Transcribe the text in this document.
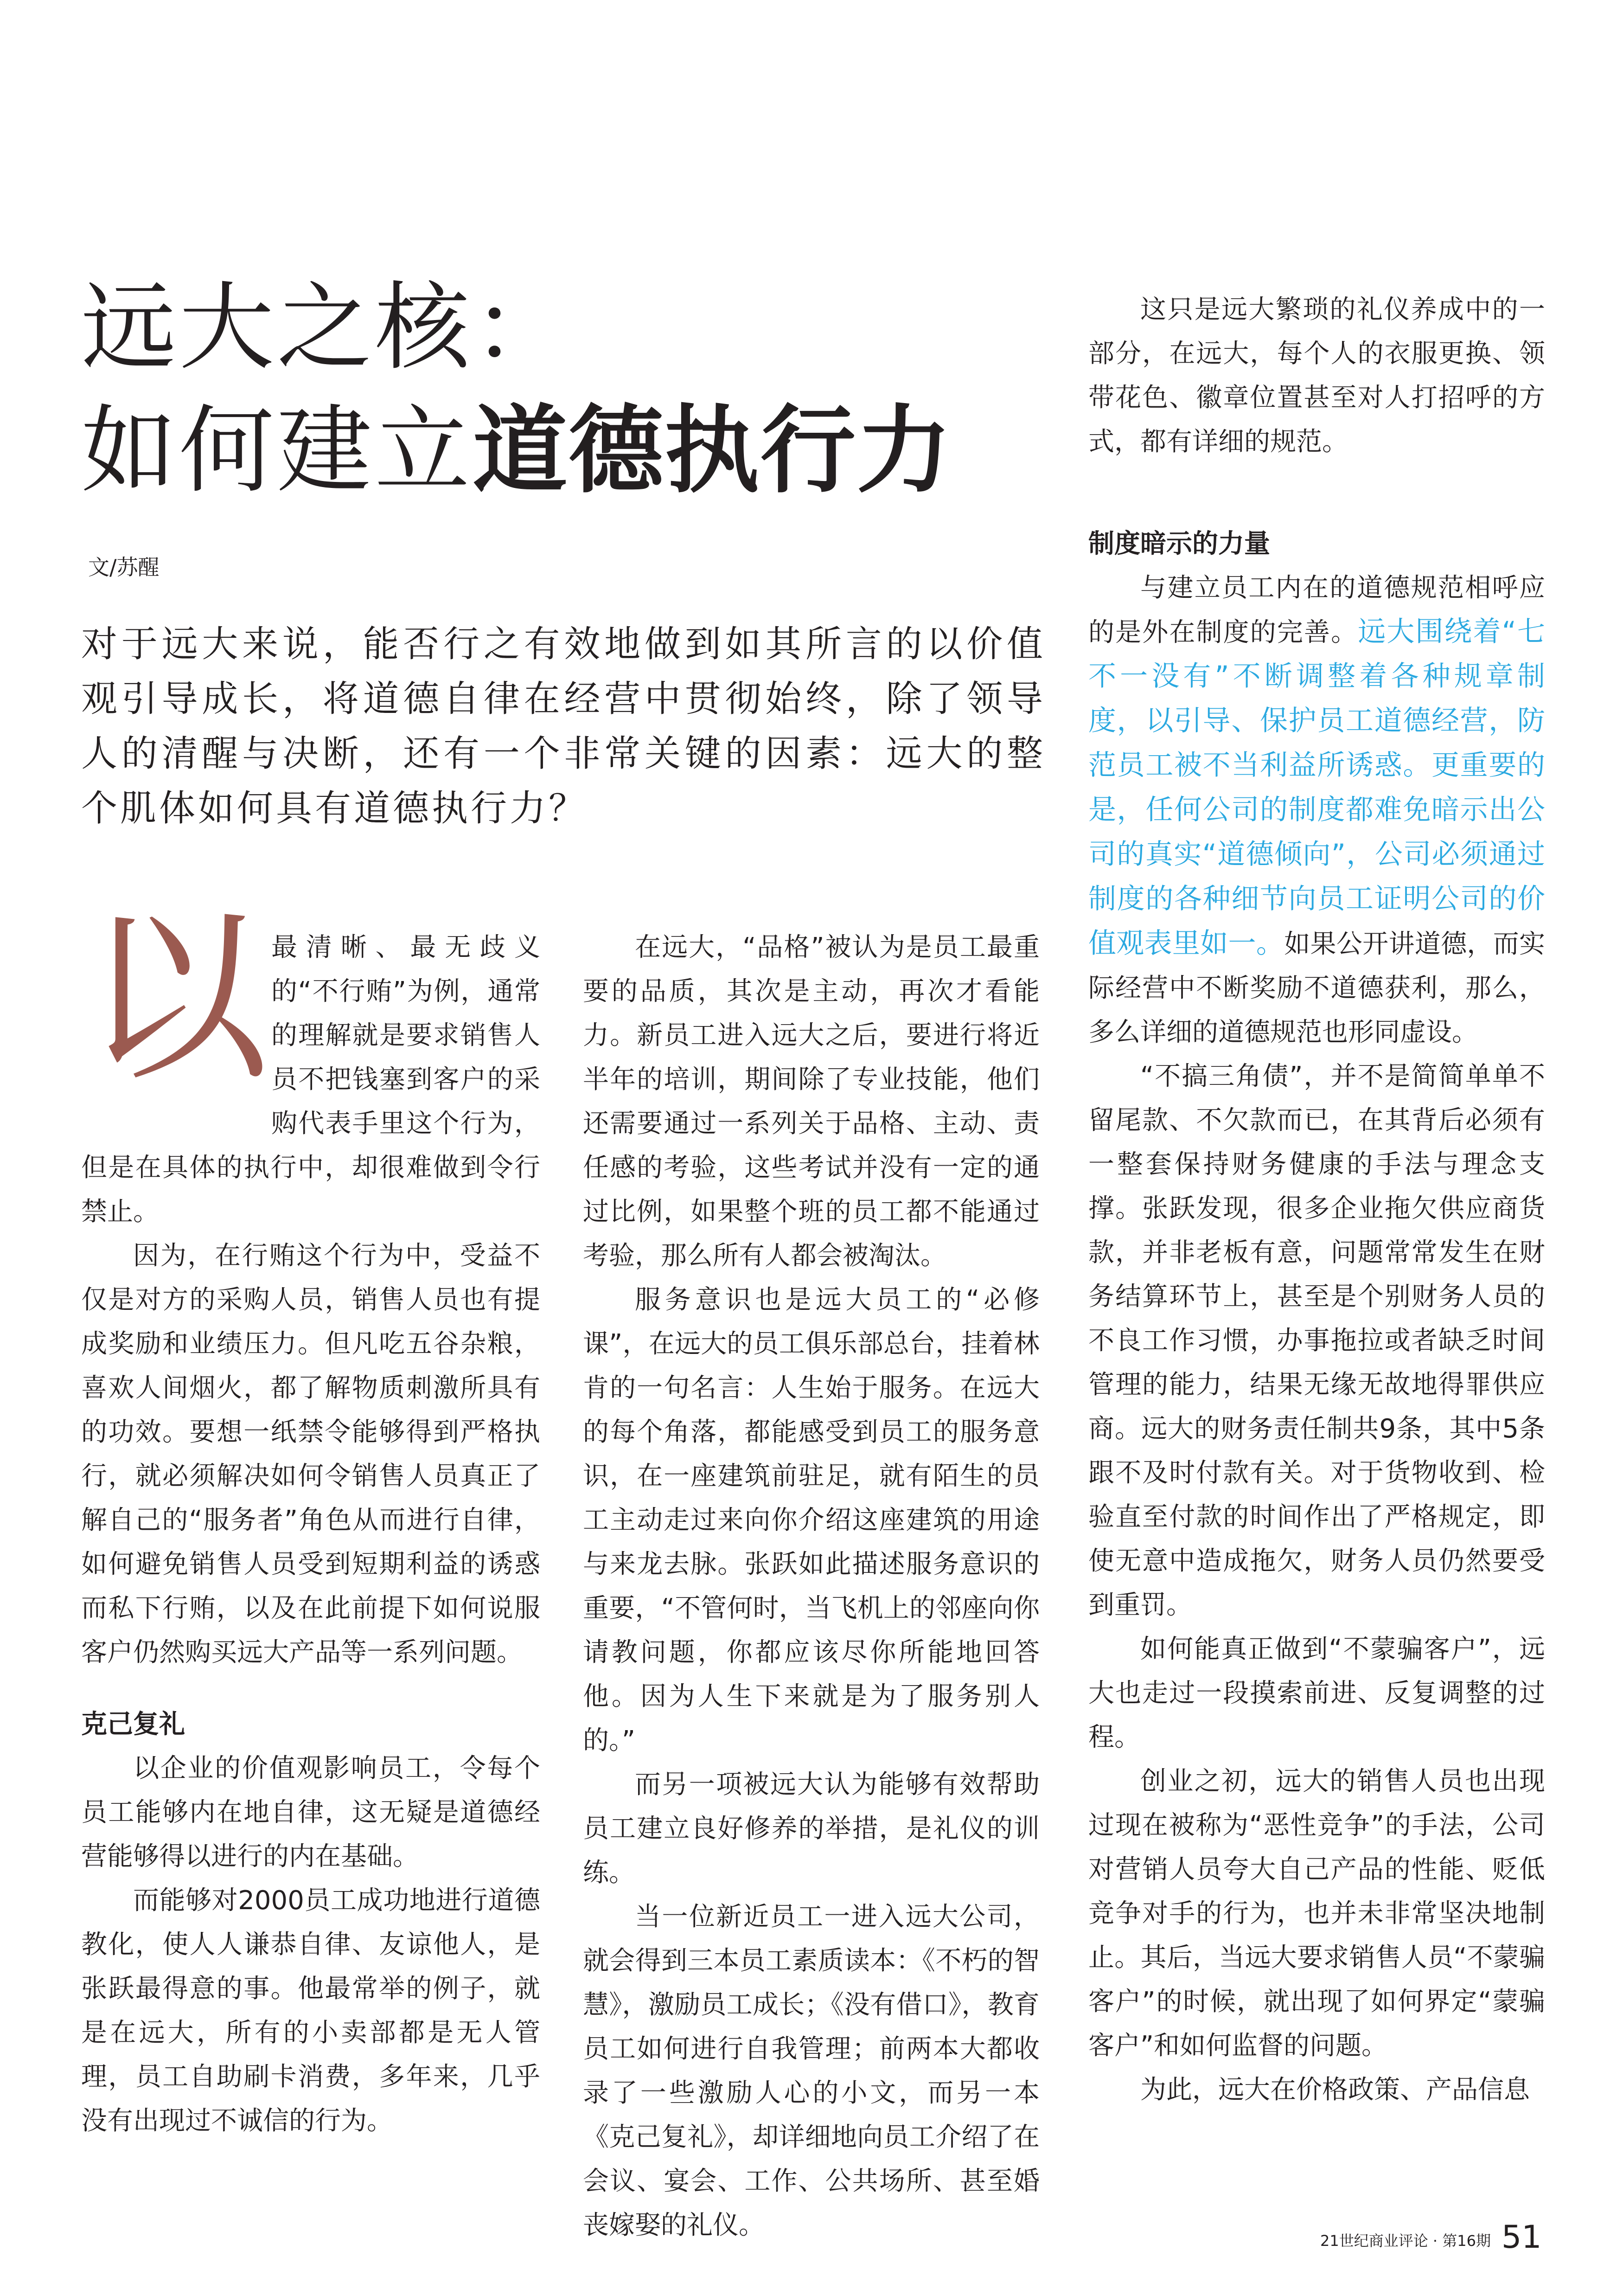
远大之核：
如何建立道德执行力
文/苏醒

对于远大来说，能否行之有效地做到如其所言的以价值观引导成长，将道德自律在经营中贯彻始终，除了领导人的清醒与决断，还有一个非常关键的因素：远大的整个肌体如何具有道德执行力？

以 最清晰、最无歧义的“不行贿”为例，通常的理解就是要求销售人员不把钱塞到客户的采购代表手里这个行为，但是在具体的执行中，却很难做到令行禁止。

因为，在行贿这个行为中，受益不仅是对方的采购人员，销售人员也有提成奖励和业绩压力。但凡吃五谷杂粮，喜欢人间烟火，都了解物质刺激所具有的功效。要想一纸禁令能够得到严格执行，就必须解决如何令销售人员真正了解自己的“服务者”角色从而进行自律，如何避免销售人员受到短期利益的诱惑而私下行贿，以及在此前提下如何说服客户仍然购买远大产品等一系列问题。

克己复礼

以企业的价值观影响员工，令每个员工能够内在地自律，这无疑是道德经营能够得以进行的内在基础。

而能够对2000员工成功地进行道德教化，使人人谦恭自律、友谅他人，是张跃最得意的事。他最常举的例子，就是在远大，所有的小卖部都是无人管理，员工自助刷卡消费，多年来，几乎没有出现过不诚信的行为。

在远大，“品格”被认为是员工最重要的品质，其次是主动，再次才看能力。新员工进入远大之后，要进行将近半年的培训，期间除了专业技能，他们还需要通过一系列关于品格、主动、责任感的考验，这些考试并没有一定的通过比例，如果整个班的员工都不能通过考验，那么所有人都会被淘汰。

服务意识也是远大员工的“必修课”，在远大的员工俱乐部总台，挂着林肯的一句名言：人生始于服务。在远大的每个角落，都能感受到员工的服务意识，在一座建筑前驻足，就有陌生的员工主动走过来向你介绍这座建筑的用途与来龙去脉。张跃如此描述服务意识的重要，“不管何时，当飞机上的邻座向你请教问题，你都应该尽你所能地回答他。因为人生下来就是为了服务别人的。”

而另一项被远大认为能够有效帮助员工建立良好修养的举措，是礼仪的训练。

当一位新近员工一进入远大公司，就会得到三本员工素质读本：《不朽的智慧》，激励员工成长；《没有借口》，教育员工如何进行自我管理；前两本大都收录了一些激励人心的小文，而另一本《克己复礼》，却详细地向员工介绍了在会议、宴会、工作、公共场所、甚至婚丧嫁娶的礼仪。

这只是远大繁琐的礼仪养成中的一部分，在远大，每个人的衣服更换、领带花色、徽章位置甚至对人打招呼的方式，都有详细的规范。

制度暗示的力量

与建立员工内在的道德规范相呼应的是外在制度的完善。远大围绕着“七不一没有”不断调整着各种规章制度，以引导、保护员工道德经营，防范员工被不当利益所诱惑。更重要的是，任何公司的制度都难免暗示出公司的真实“道德倾向”，公司必须通过制度的各种细节向员工证明公司的价值观表里如一。如果公开讲道德，而实际经营中不断奖励不道德获利，那么，多么详细的道德规范也形同虚设。

“不搞三角债”，并不是简简单单不留尾款、不欠款而已，在其背后必须有一整套保持财务健康的手法与理念支撑。张跃发现，很多企业拖欠供应商货款，并非老板有意，问题常常发生在财务结算环节上，甚至是个别财务人员的不良工作习惯，办事拖拉或者缺乏时间管理的能力，结果无缘无故地得罪供应商。远大的财务责任制共9条，其中5条跟不及时付款有关。对于货物收到、检验直至付款的时间作出了严格规定，即使无意中造成拖欠，财务人员仍然要受到重罚。

如何能真正做到“不蒙骗客户”，远大也走过一段摸索前进、反复调整的过程。

创业之初，远大的销售人员也出现过现在被称为“恶性竞争”的手法，公司对营销人员夸大自己产品的性能、贬低竞争对手的行为，也并未非常坚决地制止。其后，当远大要求销售人员“不蒙骗客户”的时候，就出现了如何界定“蒙骗客户”和如何监督的问题。

为此，远大在价格政策、产品信息

21世纪商业评论 · 第16期 51
